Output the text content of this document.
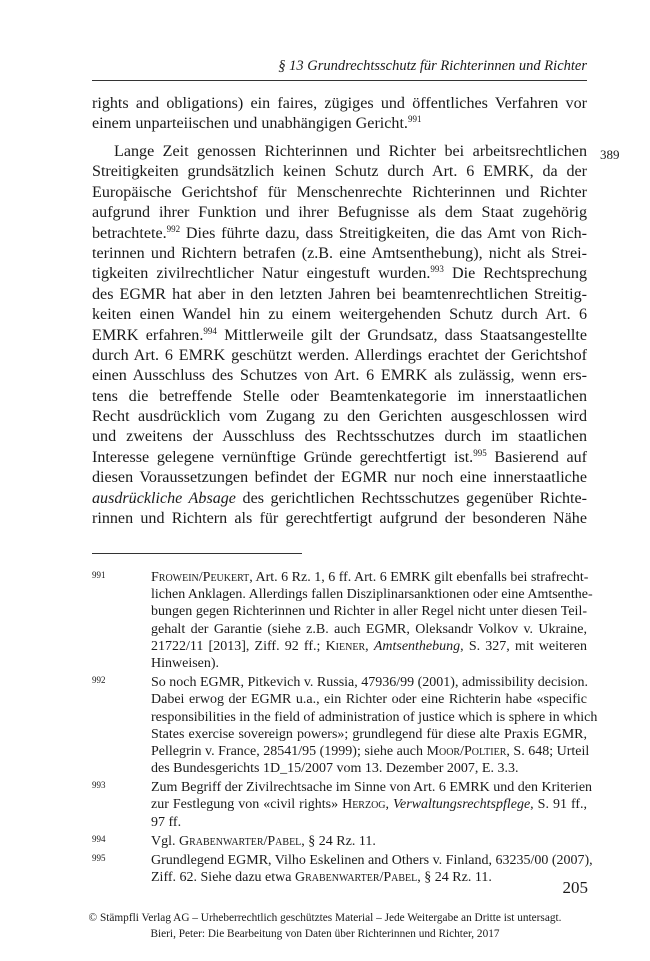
§ 13 Grundrechtsschutz für Richterinnen und Richter
rights and obligations) ein faires, zügiges und öffentliches Verfahren vor
einem unparteiischen und unabhängigen Gericht.$^{991}$
389
Lange Zeit genossen Richterinnen und Richter bei arbeitsrechtlichen
Streitigkeiten grundsätzlich keinen Schutz durch Art. 6 EMRK, da der
Europäische Gerichtshof für Menschenrechte Richterinnen und Richter
aufgrund ihrer Funktion und ihrer Befugnisse als dem Staat zugehörig
betrachtete.$^{992}$ Dies führte dazu, dass Streitigkeiten, die das Amt von Rich-
terinnen und Richtern betrafen (z.B. eine Amtsenthebung), nicht als Strei-
tigkeiten zivilrechtlicher Natur eingestuft wurden.$^{993}$ Die Rechtsprechung
des EGMR hat aber in den letzten Jahren bei beamtenrechtlichen Streitig-
keiten einen Wandel hin zu einem weitergehenden Schutz durch Art. 6
EMRK erfahren.$^{994}$ Mittlerweile gilt der Grundsatz, dass Staatsangestellte
durch Art. 6 EMRK geschützt werden. Allerdings erachtet der Gerichtshof
einen Ausschluss des Schutzes von Art. 6 EMRK als zulässig, wenn ers-
tens die betreffende Stelle oder Beamtenkategorie im innerstaatlichen
Recht ausdrücklich vom Zugang zu den Gerichten ausgeschlossen wird
und zweitens der Ausschluss des Rechtsschutzes durch im staatlichen
Interesse gelegene vernünftige Gründe gerechtfertigt ist.$^{995}$ Basierend auf
diesen Voraussetzungen befindet der EGMR nur noch eine innerstaatliche
ausdrückliche Absage des gerichtlichen Rechtsschutzes gegenüber Richte-
rinnen und Richtern als für gerechtfertigt aufgrund der besonderen Nähe
991	Frowein/Peukert, Art. 6 Rz. 1, 6 ff. Art. 6 EMRK gilt ebenfalls bei strafrecht-
lichen Anklagen. Allerdings fallen Disziplinarsanktionen oder eine Amtsenthe-
bungen gegen Richterinnen und Richter in aller Regel nicht unter diesen Teil-
gehalt der Garantie (siehe z.B. auch EGMR, Oleksandr Volkov v. Ukraine,
21722/11 [2013], Ziff. 92 ff.; Kiener, Amtsenthebung, S. 327, mit weiteren
Hinweisen).
992	So noch EGMR, Pitkevich v. Russia, 47936/99 (2001), admissibility decision.
Dabei erwog der EGMR u.a., ein Richter oder eine Richterin habe «specific
responsibilities in the field of administration of justice which is sphere in which
States exercise sovereign powers»; grundlegend für diese alte Praxis EGMR,
Pellegrin v. France, 28541/95 (1999); siehe auch Moor/Poltier, S. 648; Urteil
des Bundesgerichts 1D_15/2007 vom 13. Dezember 2007, E. 3.3.
993	Zum Begriff der Zivilrechtsache im Sinne von Art. 6 EMRK und den Kriterien
zur Festlegung von «civil rights» Herzog, Verwaltungsrechtspflege, S. 91 ff.,
97 ff.
994	Vgl. Grabenwarter/Pabel, § 24 Rz. 11.
995	Grundlegend EGMR, Vilho Eskelinen and Others v. Finland, 63235/00 (2007),
Ziff. 62. Siehe dazu etwa Grabenwarter/Pabel, § 24 Rz. 11.
205
© Stämpfli Verlag AG – Urheberrechtlich geschütztes Material – Jede Weitergabe an Dritte ist untersagt.
Bieri, Peter: Die Bearbeitung von Daten über Richterinnen und Richter, 2017
